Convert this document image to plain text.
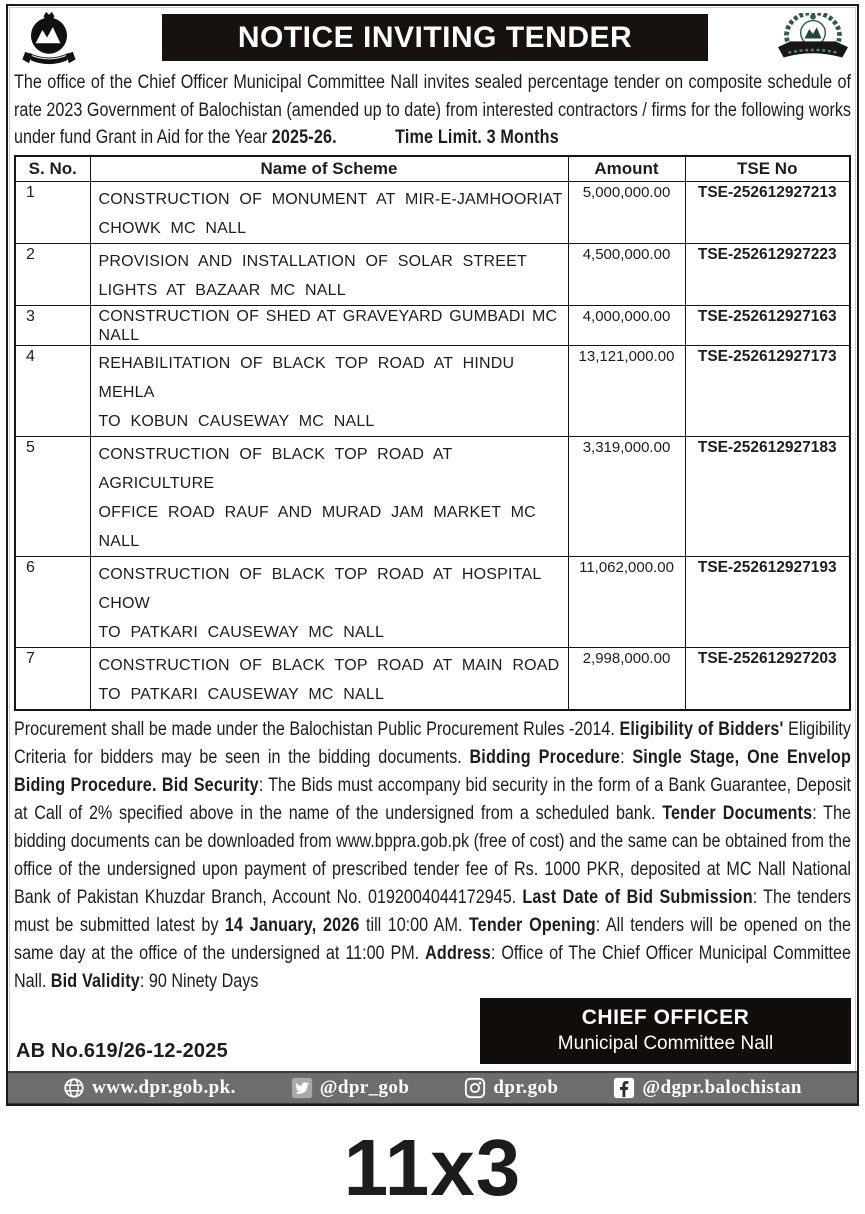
NOTICE INVITING TENDER
The office of the Chief Officer Municipal Committee Nall invites sealed percentage tender on composite schedule of rate 2023 Government of Balochistan (amended up to date) from interested contractors / firms for the following works under fund Grant in Aid for the Year 2025-26.	Time Limit. 3 Months
S. No.	Name of Scheme	Amount	TSE No
1	CONSTRUCTION OF MONUMENT AT MIR-E-JAMHOORIAT
CHOWK MC NALL	5,000,000.00	TSE-252612927213
2	PROVISION AND INSTALLATION OF SOLAR STREET
LIGHTS AT BAZAAR MC NALL	4,500,000.00	TSE-252612927223
3	CONSTRUCTION OF SHED AT GRAVEYARD GUMBADI MC NALL	4,000,000.00	TSE-252612927163
4	REHABILITATION OF BLACK TOP ROAD AT HINDU MEHLA
TO KOBUN CAUSEWAY MC NALL	13,121,000.00	TSE-252612927173
5	CONSTRUCTION OF BLACK TOP ROAD AT AGRICULTURE
OFFICE ROAD RAUF AND MURAD JAM MARKET MC NALL	3,319,000.00	TSE-252612927183
6	CONSTRUCTION OF BLACK TOP ROAD AT HOSPITAL CHOW
TO PATKARI CAUSEWAY MC NALL	11,062,000.00	TSE-252612927193
7	CONSTRUCTION OF BLACK TOP ROAD AT MAIN ROAD
TO PATKARI CAUSEWAY MC NALL	2,998,000.00	TSE-252612927203
Procurement shall be made under the Balochistan Public Procurement Rules -2014. Eligibility of Bidders' Eligibility Criteria for bidders may be seen in the bidding documents. Bidding Procedure: Single Stage, One Envelop Biding Procedure. Bid Security: The Bids must accompany bid security in the form of a Bank Guarantee, Deposit at Call of 2% specified above in the name of the undersigned from a scheduled bank. Tender Documents: The bidding documents can be downloaded from www.bppra.gob.pk (free of cost) and the same can be obtained from the office of the undersigned upon payment of prescribed tender fee of Rs. 1000 PKR, deposited at MC Nall National Bank of Pakistan Khuzdar Branch, Account No. 0192004044172945. Last Date of Bid Submission: The tenders must be submitted latest by 14 January, 2026 till 10:00 AM. Tender Opening: All tenders will be opened on the same day at the office of the undersigned at 11:00 PM. Address: Office of The Chief Officer Municipal Committee Nall. Bid Validity: 90 Ninety Days
AB No.619/26-12-2025
CHIEF OFFICER
Municipal Committee Nall
www.dpr.gob.pk.	@dpr_gob	dpr.gob	@dgpr.balochistan
11x3
